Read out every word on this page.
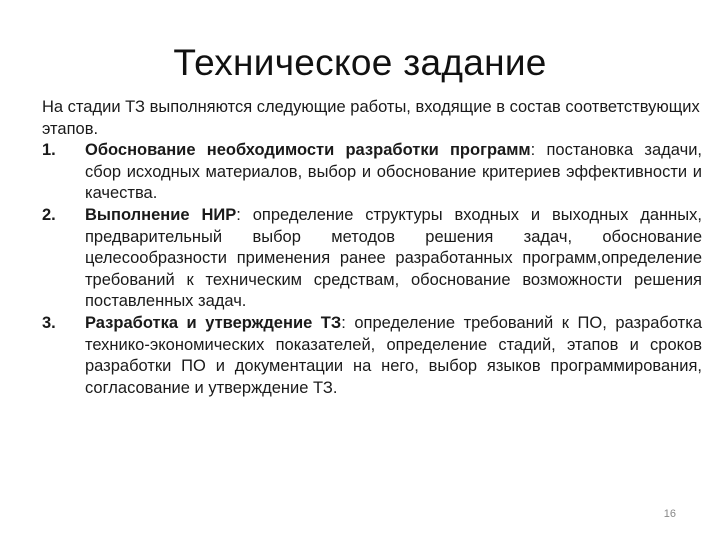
Техническое задание

На стадии ТЗ выполняются следующие работы, входящие в состав соответствующих этапов.

1. Обоснование необходимости разработки программ: постановка задачи, сбор исходных материалов, выбор и обоснование критериев эффективности и качества.
2. Выполнение НИР: определение структуры входных и выходных данных, предварительный выбор методов решения задач, обоснование целесообразности применения ранее разработанных программ,определение требований к техническим средствам, обоснование возможности решения поставленных задач.
3. Разработка и утверждение ТЗ: определение требований к ПО, разработка технико-экономических показателей, определение стадий, этапов и сроков разработки ПО и документации на него, выбор языков программирования, согласование и утверждение ТЗ.
16
